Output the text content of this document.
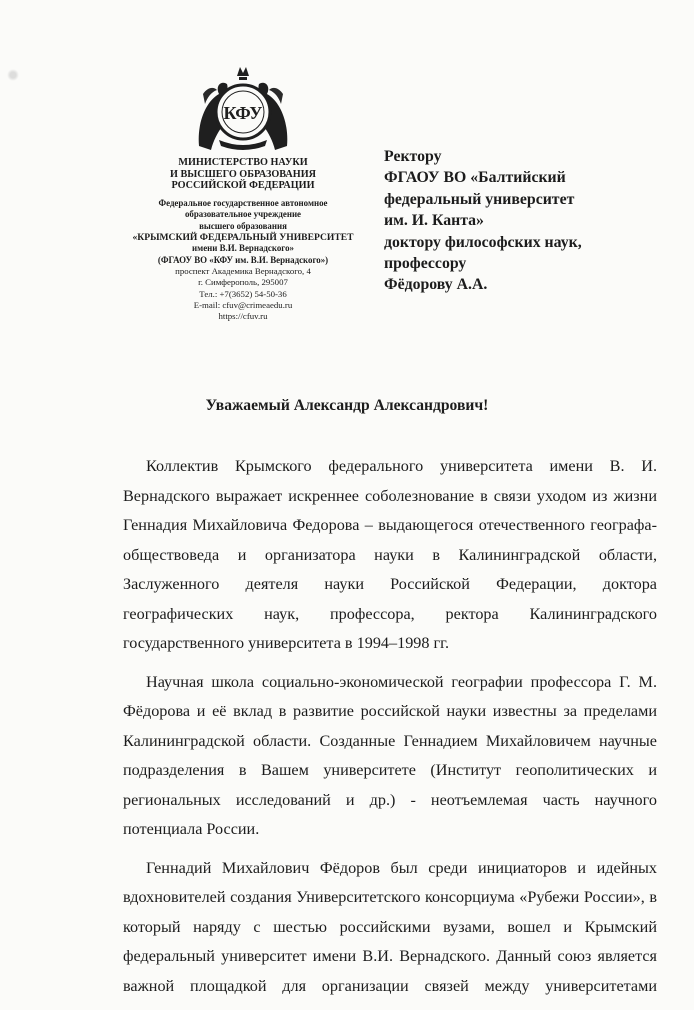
КФУ
МИНИСТЕРСТВО НАУКИ
И ВЫСШЕГО ОБРАЗОВАНИЯ
РОССИЙСКОЙ ФЕДЕРАЦИИ
Федеральное государственное автономное
образовательное учреждение
высшего образования
«КРЫМСКИЙ ФЕДЕРАЛЬНЫЙ УНИВЕРСИТЕТ
имени В.И. Вернадского»
(ФГАОУ ВО «КФУ им. В.И. Вернадского»)
проспект Академика Вернадского, 4
г. Симферополь, 295007
Тел.: +7(3652) 54-50-36
E-mail: cfuv@crimeaedu.ru
https://cfuv.ru
Ректору
ФГАОУ ВО «Балтийский
федеральный университет
им. И. Канта»
доктору философских наук,
профессору
Фёдорову А.А.
Уважаемый Александр Александрович!

Коллектив Крымского федерального университета имени В. И. Вернадского выражает искреннее соболезнование в связи уходом из жизни Геннадия Михайловича Федорова – выдающегося отечественного географа-обществоведа и организатора науки в Калининградской области, Заслуженного деятеля науки Российской Федерации, доктора географических наук, профессора, ректора Калининградского государственного университета в 1994–1998 гг.

Научная школа социально-экономической географии профессора Г. М. Фёдорова и её вклад в развитие российской науки известны за пределами Калининградской области. Созданные Геннадием Михайловичем научные подразделения в Вашем университете (Институт геополитических и региональных исследований и др.) - неотъемлемая часть научного потенциала России.

Геннадий Михайлович Фёдоров был среди инициаторов и идейных вдохновителей создания Университетского консорциума «Рубежи России», в который наряду с шестью российскими вузами, вошел и Крымский федеральный университет имени В.И. Вернадского. Данный союз является важной площадкой для организации связей между университетами
